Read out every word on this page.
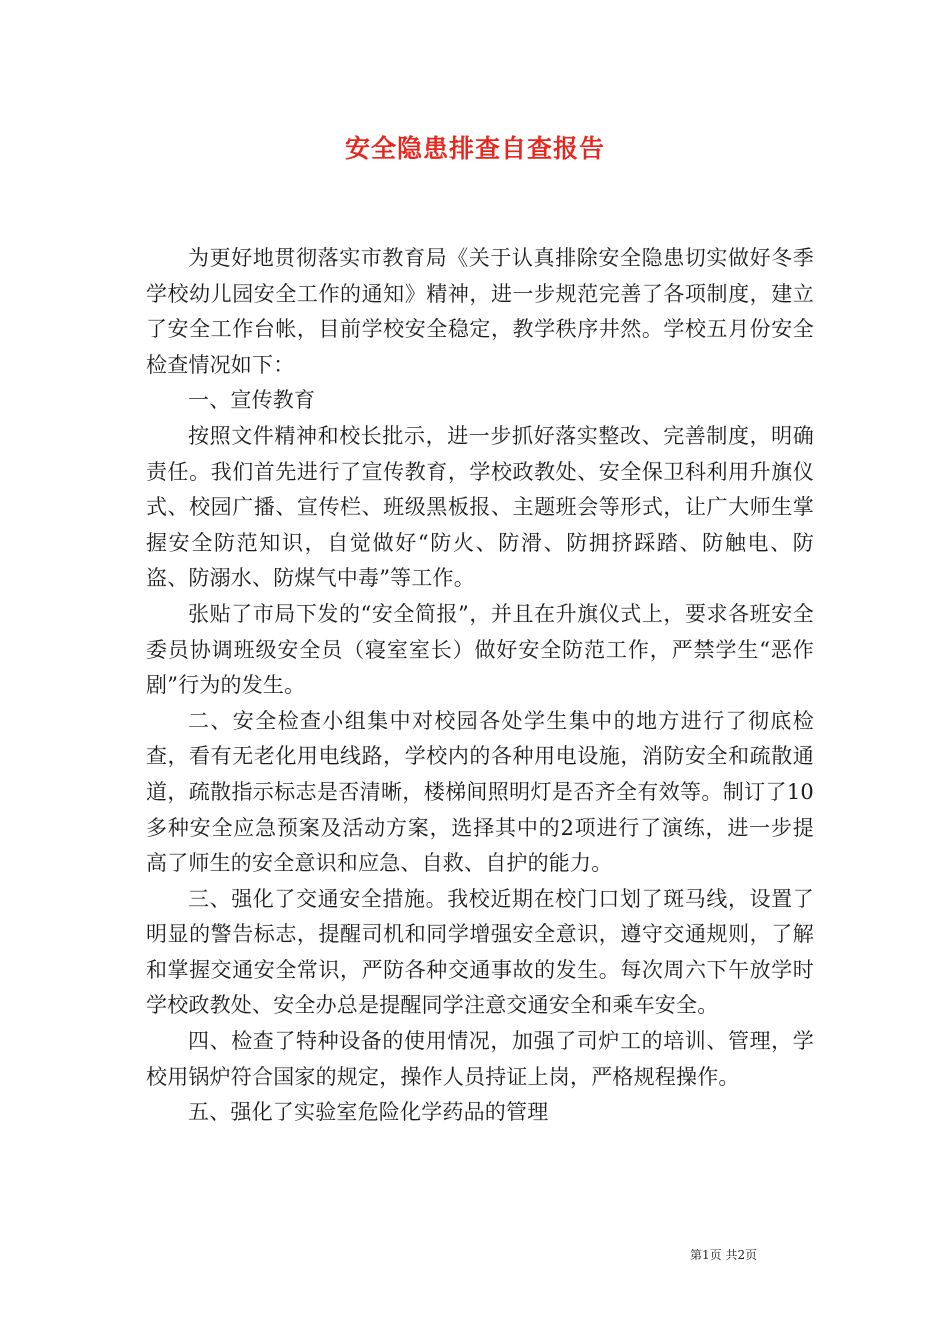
安全隐患排查自查报告

为更好地贯彻落实市教育局《关于认真排除安全隐患切实做好冬季学校幼儿园安全工作的通知》精神，进一步规范完善了各项制度，建立了安全工作台帐，目前学校安全稳定，教学秩序井然。学校五月份安全检查情况如下：

一、宣传教育

按照文件精神和校长批示，进一步抓好落实整改、完善制度，明确责任。我们首先进行了宣传教育，学校政教处、安全保卫科利用升旗仪式、校园广播、宣传栏、班级黑板报、主题班会等形式，让广大师生掌握安全防范知识，自觉做好“防火、防滑、防拥挤踩踏、防触电、防盗、防溺水、防煤气中毒”等工作。

张贴了市局下发的“安全简报”，并且在升旗仪式上，要求各班安全委员协调班级安全员（寝室室长）做好安全防范工作，严禁学生“恶作剧”行为的发生。

二、安全检查小组集中对校园各处学生集中的地方进行了彻底检查，看有无老化用电线路，学校内的各种用电设施，消防安全和疏散通道，疏散指示标志是否清晰，楼梯间照明灯是否齐全有效等。制订了10多种安全应急预案及活动方案，选择其中的2项进行了演练，进一步提高了师生的安全意识和应急、自救、自护的能力。

三、强化了交通安全措施。我校近期在校门口划了斑马线，设置了明显的警告标志，提醒司机和同学增强安全意识，遵守交通规则，了解和掌握交通安全常识，严防各种交通事故的发生。每次周六下午放学时学校政教处、安全办总是提醒同学注意交通安全和乘车安全。

四、检查了特种设备的使用情况，加强了司炉工的培训、管理，学校用锅炉符合国家的规定，操作人员持证上岗，严格规程操作。

五、强化了实验室危险化学药品的管理

第1页 共2页
